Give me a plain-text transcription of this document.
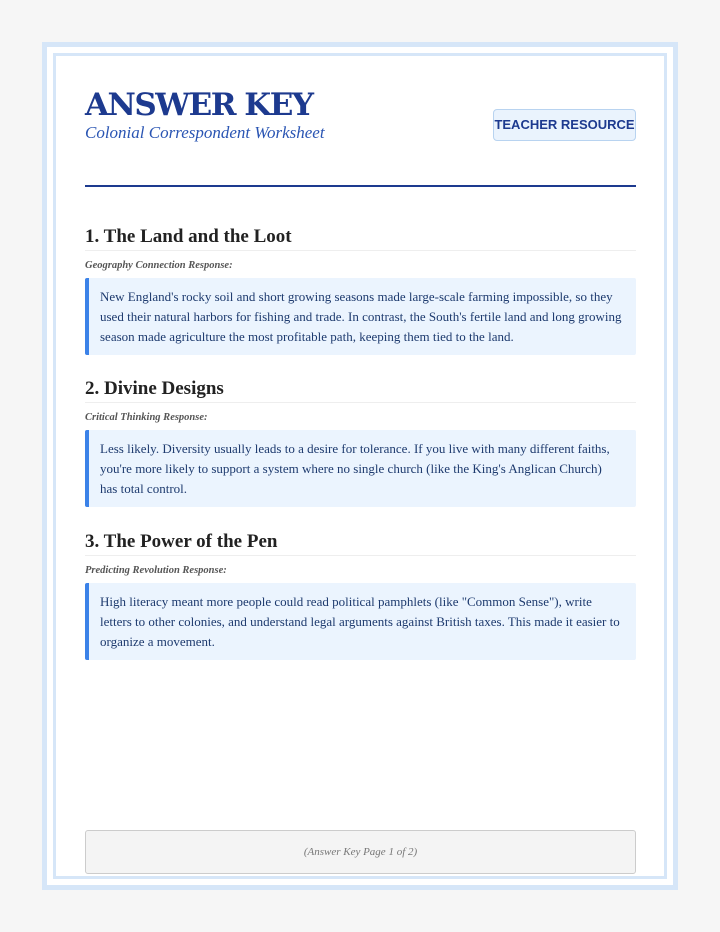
ANSWER KEY
Colonial Correspondent Worksheet	TEACHER RESOURCE
1. The Land and the Loot
Geography Connection Response:
New England's rocky soil and short growing seasons made large-scale farming impossible, so they used their natural harbors for fishing and trade. In contrast, the South's fertile land and long growing season made agriculture the most profitable path, keeping them tied to the land.
2. Divine Designs
Critical Thinking Response:
Less likely. Diversity usually leads to a desire for tolerance. If you live with many different faiths, you're more likely to support a system where no single church (like the King's Anglican Church) has total control.
3. The Power of the Pen
Predicting Revolution Response:
High literacy meant more people could read political pamphlets (like "Common Sense"), write letters to other colonies, and understand legal arguments against British taxes. This made it easier to organize a movement.
(Answer Key Page 1 of 2)
